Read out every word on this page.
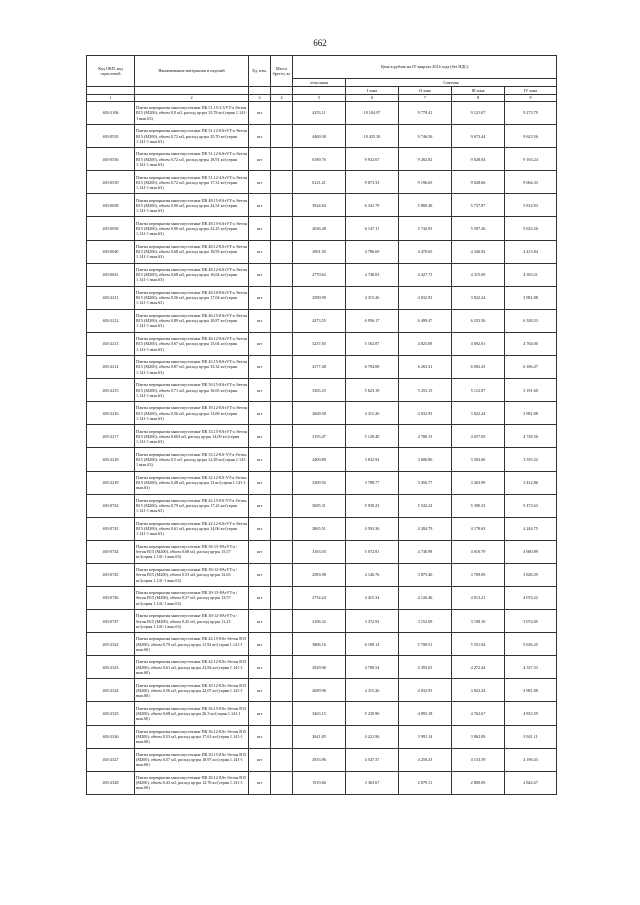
662
Код ОКП, код отраслевой	Наименование материалов и изделий	Ед. изм.	Масса брутто, кг	Цена в рублях на IV квартал 2014 года (без НДС)				
				отпускная	Сметная			
					I зона	II зона	III зона	IV зона
1	2	3	4	5	6	7	8	9
403-2106	Плиты перекрытия многопустотные ПК 51.15-3.5/VT-а /бетон B15 (M200), объем 0,9 м3, расход ар-ры 15,78 кг/(серия 1.141-1 вып.63)	шт		4253.11	10 104.97	9 778.41	9 121.07	9 273.79
403-0535	Плиты перекрытия многопустотные ПК 51.12-8AтVT-а /бетон B15 (M200), объем 0,72 м3, расход ар-ры 25,70 кг/(серия 1.141-1 вып.63)	шт		4469.30	10 425.30	9 746.56	9 673.44	9 623.56
403-0536	Плиты перекрытия многопустотные ПК 51.12-6AтVT-а /бетон B15 (M200), объем 0,72 м3, расход ар-ры 18,91 кг/(серия 1.141-1 вып.63)	шт		6189.76	9 932.67	9 282.82	9 028.04	9 163.24
403-0539	Плиты перекрытия многопустотные ПК 51.12-4AтVT-а /бетон B15 (M200), объем 0,72 м3, расход ар-ры 17,31 кг/(серия 1.141-1 вып.63)	шт		6121.21	9 873.33	9 196.65	9 028.66	9 064.33
403-0038	Плиты перекрытия многопустотные ПК 48.15-8AтVT-а /бетон B15 (M200), объем 0,90 м3, расход ар-ры 24,54 кг/(серия 1.141-1 вып.63)	шт		3924.84	6 341.79	5 880.48	5 737.87	5 814.93
403-0039	Плиты перекрытия многопустотные ПК 48.15-6AтVT-а /бетон B15 (M200), объем 0,90 м3, расход ар-ры 22,25 кг/(серия 1.141-1 вып.63)	шт		2036.48	6 147.11	5 744.93	5 597.26	5 632.26
403-0040	Плиты перекрытия многопустотные ПК 48.12-8AтVT-а /бетон B15 (M200), объем 0,68 м3, расход ар-ры 18,95 кг/(серия 1.141-1 вып.63)	шт		2901.50	4 786.69	4 470.65	4 346.92	4 413.84
403-0041	Плиты перекрытия многопустотные ПК 48.12-6AтVT-а /бетон B15 (M200), объем 0,68 м3, расход ар-ры 16,64 кг/(серия 1.141-1 вып.63)	шт		2770.62	4 748.03	4 427.73	4 315.69	4 393.21
403-2211	Плиты перекрытия многопустотные ПК 48.10-8AтVT-а /бетон B15 (M200), объем 0,56 м3, расход ар-ры 17,04 кг/(серия 1.141-1 вып.63)	шт		2589.99	4 315.26	4 032.93	3 922.24	3 981.88
403-2212	Плиты перекрытия многопустотные ПК 46.15-8AтVT-а /бетон B15 (M200), объем 0,89 м3, расход ар-ры 18,87 кг/(серия 1.141-1 вып.63)	шт		4273.55	6 956.17	6 499.47	6 233.56	6 328.33
403-2213	Плиты перекрытия многопустотные ПК 46.12-8AтVT-а /бетон B15 (M200), объем 0,67 м3, расход ар-ры 15,04 кг/(серия 1.141-1 вып.63)	шт		3237.83	5 162.87	4 825.08	4 692.61	4 764.00
403-2214	Плиты перекрытия многопустотные ПК 43.15-8AтVT-а /бетон B15 (M200), объем 0,87 м3, расход ар-ры 33,32 кг/(серия 1.141-1 вып.63)	шт		4177.48	6 794.08	6 263.31	6 092.43	6 186.47
403-2215	Плиты перекрытия многопустотные ПК 39.15-8AтVT-а /бетон B15 (M200), объем 0,71 м3, расход ар-ры 16,65 кг/(серия 1.141-1 вып.63)	шт		3365.23	5 623.19	5 253.15	5 112.87	5 191.60
403-2216	Плиты перекрытия многопустотные ПК 39.12-8AтVT-а /бетон B15 (M200), объем 0,56 м3, расход ар-ры 13,69 кг/(серия 1.141-1 вып.63)	шт		2669.58	4 315.26	4 032.93	3 922.24	3 981.88
403-2217	Плиты перекрытия многопустотные ПК 33.15-8AтVT-а /бетон B15 (M200), объем 0,663 м3, расход ар-ры 14,09 кг/(серия 1.141-1 вып.63)	шт		3193.47	5 128.40	4 780.13	4 657.05	4 728.56
403-2218	Плиты перекрытия многопустотные ПК 33.12-8A-VT-а /бетон B15 (M200), объем 0,5 м3, расход ар-ры 12,38 кг/(серия 1.141-1 вып.63)	шт		2400.89	3 832.94	3 600.86	3 503.60	3 555.22
403-2219	Плиты перекрытия многопустотные ПК 32.12-8A-VT-а /бетон B15 (M200), объем 0,48 м3, расход ар-ры 12 кг/(серия 1.141-1 вып.63)	шт		2309.92	3 708.77	3 456.77	3 363.99	3 412.86
403-0742	Плиты перекрытия многопустотные ПК 42.15-8A-VT-а /бетон B15 (M200), объем 0,79 м3, расход ар-ры 17,23 кг/(серия 1.141-1 вып.63)	шт		3695.31	5 930.23	5 542.24	5 390.33	5 472.63
403-0743	Плиты перекрытия многопустотные ПК 42.12-6AтVT-а /бетон B15 (M200), объем 0,61 м3, расход ар-ры 14,06 кг/(серия 1.141-1 вып.63)	шт		2865.51	4 593.36	4 284.79	4 178.63	4 244.75
403-0744	Плиты перекрытия многопустотные ПК 36-15-8AтVT-а /бетон B15 (M200), объем 0,68 м3, расход ар-ры 15,57 кг/(серия 1.141-1 вып.63)	шт		3163.03	5 072.81	4 740.98	4 610.79	4 680.89
403-0745	Плиты перекрытия многопустотные ПК 36-12-8AтVT-а /бетон B15 (M200), объем 0,53 м3, расход ар-ры 12,63 кг/(серия 1.141-1 вып.63)	шт		2583.98	4 146.76	3 875.46	3 769.09	3 826.39
403-0746	Плиты перекрытия многопустотные ПК 30-15-8AтVT-а /бетон B15 (M200), объем 0,57 м3, расход ар-ры 13,57 кг/(серия 1.141-1 вып.63)	шт		2754.24	4 415.34	4 126.46	4 013.21	4 074.22
403-0747	Плиты перекрытия многопустотные ПК 30-12-8AтVT-а /бетон B15 (M200), объем 0,45 м3, расход ар-ры 11,23 кг/(серия 1.141-1 вып.63)	шт		2106.32	3 372.92	3 152.09	3 198.10	3 074.85
403-2322	Плиты перекрытия многопустотные ПК 42.15-8Ат /бетон B15 (M200), объем 0,79 м3, расход ар-ры 11,92 кг/(серия 1.141-1 вып.60)	шт		3806.16	6 108.14	5 708.51	5 551.84	5 636.25
403-2323	Плиты перекрытия многопустотные ПК 42.12-8Ат /бетон B15 (M200), объем 0,61 м3, расход ар-ры 23,84 кг/(серия 1.141-1 вып.60)	шт		2929.06	4 700.54	4 393.03	4 272.44	4 337.33
403-2324	Плиты перекрытия многопустотные ПК 39.12-8Ат /бетон B15 (M200), объем 0,56 м3, расход ар-ры 22,07 кг/(серия 1.141-1 вып.60)	шт		2689.96	4 315.26	4 032.93	3 922.24	3 981.88
403-2325	Плиты перекрытия многопустотные ПК 36.15-8Ат /бетон B15 (M200), объем 0,68 м3, расход ар-ры 20,3 кг/(серия 1.141-1 вып.60)	шт		3263.15	5 239.90	4 893.18	4 762.67	4 833.59
403-2326	Плиты перекрытия многопустотные ПК 36.12-8Ат /бетон B15 (M200), объем 0,53 м3, расход ар-ры 17,61 кг/(серия 1.141-1 вып.60)	шт		2641.85	4 221.96	3 991.14	3 862.09	3 941.11
403-2327	Плиты перекрытия многопустотные ПК 30.15-8Ат /бетон B15 (M200), объем 0,57 м3, расход ар-ры 18,97 кг/(серия 1.141-1 вып.60)	шт		2933.96	4 547.37	4 250.23	4 133.59	4 196.43
403-2328	Плиты перекрытия многопустотные ПК 30.12-8Ат /бетон B15 (M200), объем 0,43 м3, расход ар-ры 12,76 кг/(серия 1.141-1 вып.60)	шт		1919.66	3 363.67	2 879.11	2 800.09	2 842.67
